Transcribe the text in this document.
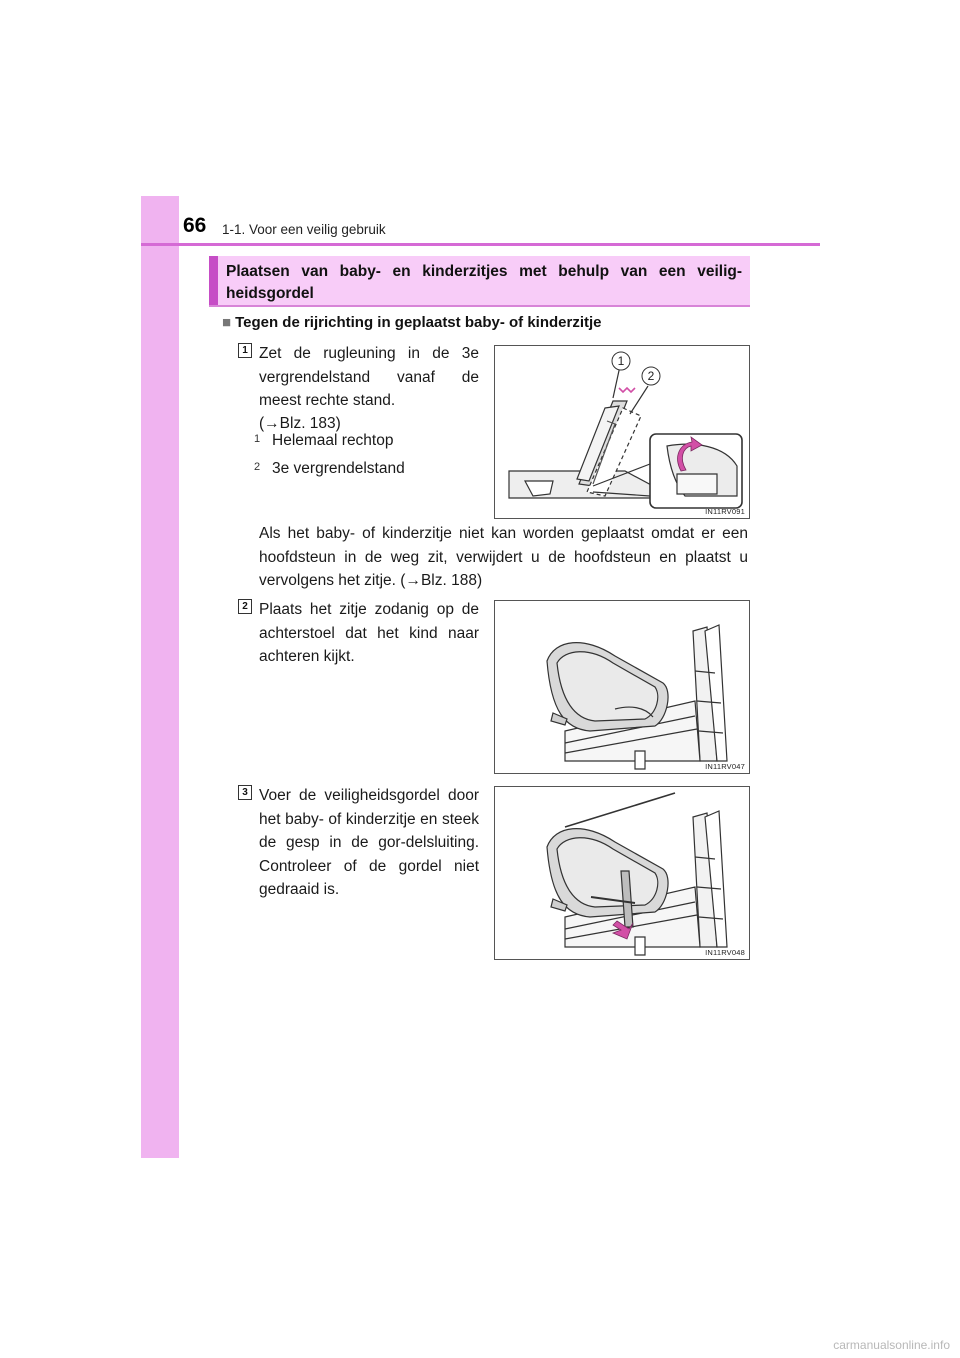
66 1-1. Voor een veilig gebruik
Plaatsen van baby- en kinderzitjes met behulp van een veilig-heidsgordel
■ Tegen de rijrichting in geplaatst baby- of kinderzitje
1 Zet de rugleuning in de 3e vergrendelstand vanaf de meest rechte stand.
(→Blz. 183)
1 Helemaal rechtop
2 3e vergrendelstand
1
2
IN11RV091
Als het baby- of kinderzitje niet kan worden geplaatst omdat er een hoofdsteun in de weg zit, verwijdert u de hoofdsteun en plaatst u vervolgens het zitje. (→Blz. 188)
2 Plaats het zitje zodanig op de achterstoel dat het kind naar achteren kijkt.
IN11RV047
3 Voer de veiligheidsgordel door het baby- of kinderzitje en steek de gesp in de gor-delsluiting. Controleer of de gordel niet gedraaid is.
IN11RV048
carmanualsonline.info
